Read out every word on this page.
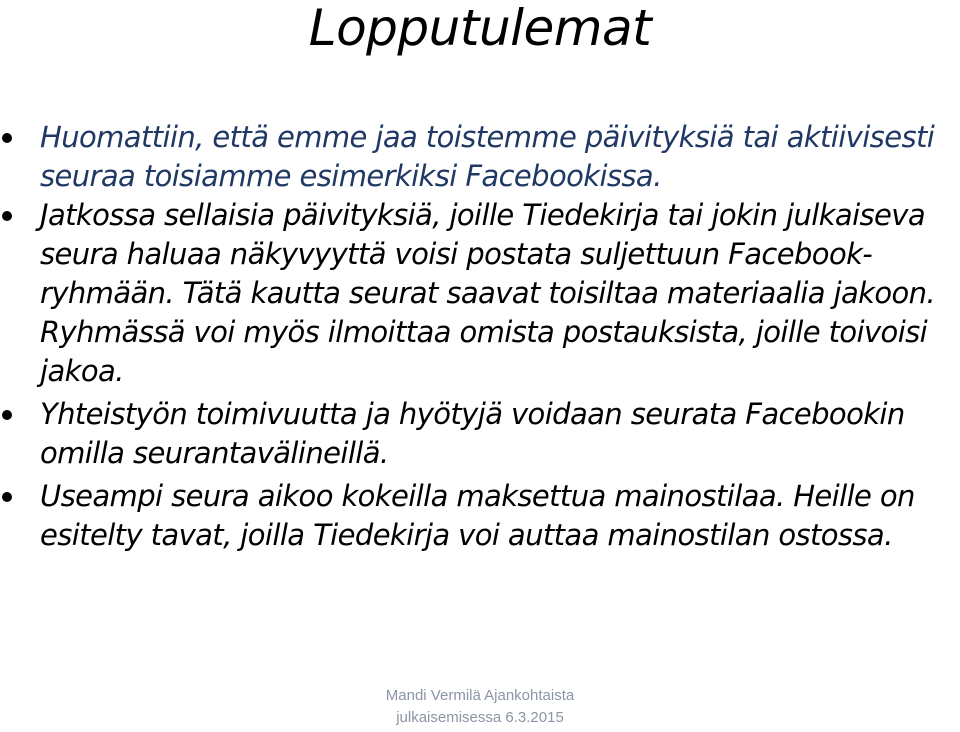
Lopputulemat
Huomattiin, että emme jaa toistemme päivityksiä tai aktiivisesti seuraa toisiamme esimerkiksi Facebookissa.
Jatkossa sellaisia päivityksiä, joille Tiedekirja tai jokin julkaiseva seura haluaa näkyvyyttä voisi postata suljettuun Facebook-ryhmään. Tätä kautta seurat saavat toisiltaa materiaalia jakoon. Ryhmässä voi myös ilmoittaa omista postauksista, joille toivoisi jakoa.
Yhteistyön toimivuutta ja hyötyjä voidaan seurata Facebookin omilla seurantavälineillä.
Useampi seura aikoo kokeilla maksettua mainostilaa. Heille on esitelty tavat, joilla Tiedekirja voi auttaa mainostilan ostossa.
Mandi Vermilä Ajankohtaista
julkaisemisessa 6.3.2015
